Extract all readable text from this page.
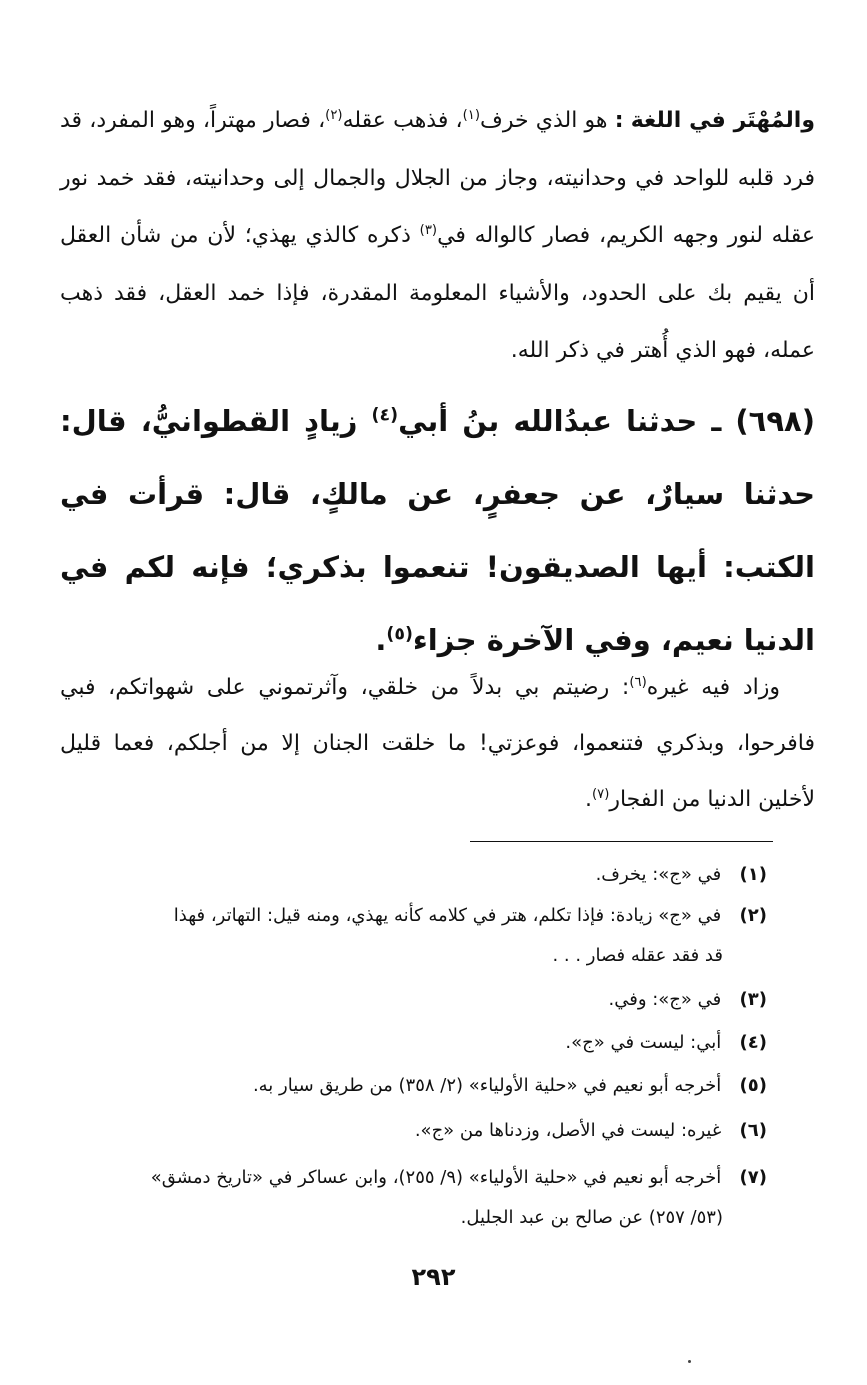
والمُهْتَر في اللغة : هو الذي خرف$^{(١)}$، فذهب عقله$^{(٢)}$، فصار مهتراً، وهو المفرد، قد فرد قلبه للواحد في وحدانيته، وجاز من الجلال والجمال إلى وحدانيته، فقد خمد نور عقله لنور وجهه الكريم، فصار كالواله في$^{(٣)}$ ذكره كالذي يهذي؛ لأن من شأن العقل أن يقيم بك على الحدود، والأشياء المعلومة المقدرة، فإذا خمد العقل، فقد ذهب عمله، فهو الذي أُهتر في ذكر الله.
(٦٩٨) ـ حدثنا عبدُالله بنُ أبي$^{(٤)}$ زيادٍ القطوانيُّ، قال: حدثنا سيارٌ، عن جعفرٍ، عن مالكٍ، قال: قرأت في الكتب: أيها الصديقون! تنعموا بذكري؛ فإنه لكم في الدنيا نعيم، وفي الآخرة جزاء$^{(٥)}$.
وزاد فيه غيره$^{(٦)}$: رضيتم بي بدلاً من خلقي، وآثرتموني على شهواتكم، فبي فافرحوا، وبذكري فتنعموا، فوعزتي! ما خلقت الجنان إلا من أجلكم، فعما قليل لأخلين الدنيا من الفجار$^{(٧)}$.
(١) في «ج»: يخرف.
(٢) في «ج» زيادة: فإذا تكلم، هتر في كلامه كأنه يهذي، ومنه قيل: التهاتر، فهذا
قد فقد عقله فصار . . .
(٣) في «ج»: وفي.
(٤) أبي: ليست في «ج».
(٥) أخرجه أبو نعيم في «حلية الأولياء» (٢/ ٣٥٨) من طريق سيار به.
(٦) غيره: ليست في الأصل، وزدناها من «ج».
(٧) أخرجه أبو نعيم في «حلية الأولياء» (٩/ ٢٥٥)، وابن عساكر في «تاريخ دمشق»
(٥٣/ ٢٥٧) عن صالح بن عبد الجليل.
٢٩٢
